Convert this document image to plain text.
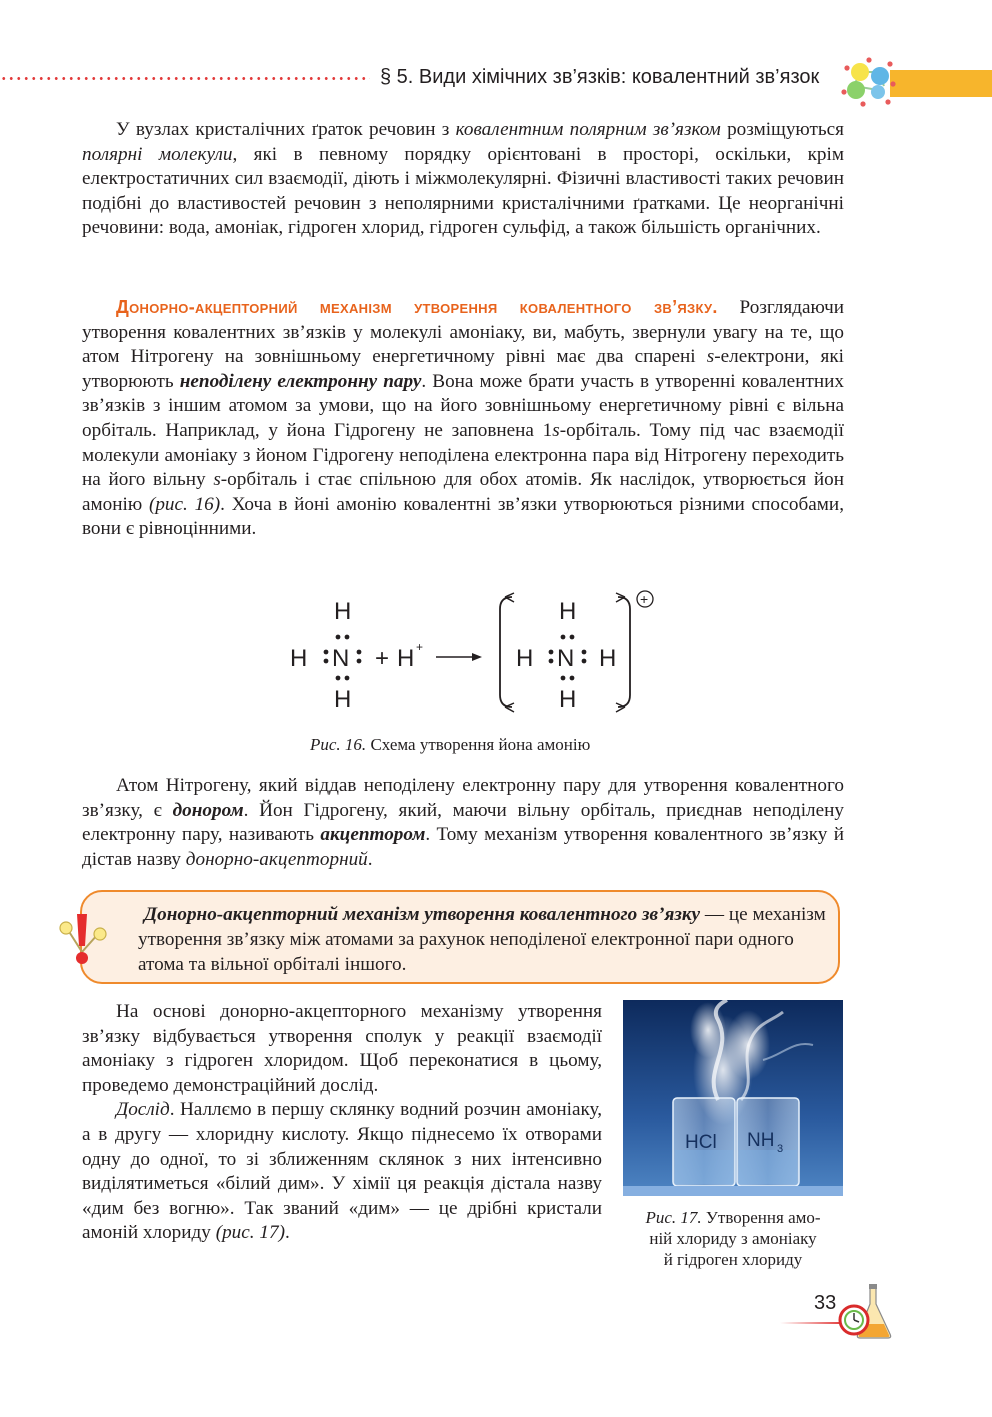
§ 5. Види хімічних зв’язків: ковалентний зв’язок

У вузлах кристалічних ґраток речовин з ковалентним полярним зв’язком розміщуються полярні молекули, які в певному порядку орієнтовані в просторі, оскільки, крім електростатичних сил взаємодії, діють і міжмолекулярні. Фізичні властивості таких речовин подібні до властивостей речовин з неполярними кристалічними ґратками. Це неорганічні речовини: вода, амоніак, гідроген хлорид, гідроген сульфід, а також більшість органічних.

Донорно-акцепторний механізм утворення ковалентного зв’язку. Розглядаючи утворення ковалентних зв’язків у молекулі амоніаку, ви, мабуть, звернули увагу на те, що атом Нітрогену на зовнішньому енергетичному рівні має два спарені s-електрони, які утворюють неподілену електронну пару. Вона може брати участь в утворенні ковалентних зв’язків з іншим атомом за умови, що на його зовнішньому енергетичному рівні є вільна орбіталь. Наприклад, у йона Гідрогену не заповнена 1s-орбіталь. Тому під час взаємодії молекули амоніаку з йоном Гідрогену неподілена електронна пара від Нітрогену переходить на його вільну s-орбіталь і стає спільною для обох атомів. Як наслідок, утворюється йон амонію (рис. 16). Хоча в йоні амонію ковалентні зв’язки утворюються різними способами, вони є рівноцінними.

H
H N
H
+ H +
H
H N H
H
+
Рис. 16. Схема утворення йона амонію

Атом Нітрогену, який віддав неподілену електронну пару для утворення ковалентного зв’язку, є донором. Йон Гідрогену, який, маючи вільну орбіталь, приєднав неподілену електронну пару, називають акцептором. Тому механізм утворення ковалентного зв’язку й дістав назву донорно-акцепторний.

Донорно-акцепторний механізм утворення ковалентного зв’язку — це механізм утворення зв’язку між атомами за рахунок неподіленої електронної пари одного атома та вільної орбіталі іншого.

На основі донорно-акцепторного механізму утворення зв’язку відбувається утворення сполук у реакції взаємодії амоніаку з гідроген хлоридом. Щоб переконатися в цьому, проведемо демонстраційний дослід.

Дослід. Наллємо в першу склянку водний розчин амоніаку, а в другу — хлоридну кислоту. Якщо піднесемо їх отворами одну до одної, то зі зближенням склянок з них інтенсивно виділятиметься «білий дим». У хімії ця реакція дістала назву «дим без вогню». Так званий «дим» — це дрібні кристали амоній хлориду (рис. 17).

HCl NH 3
Рис. 17. Утворення амо-
ній хлориду з амоніаку
й гідроген хлориду
33
